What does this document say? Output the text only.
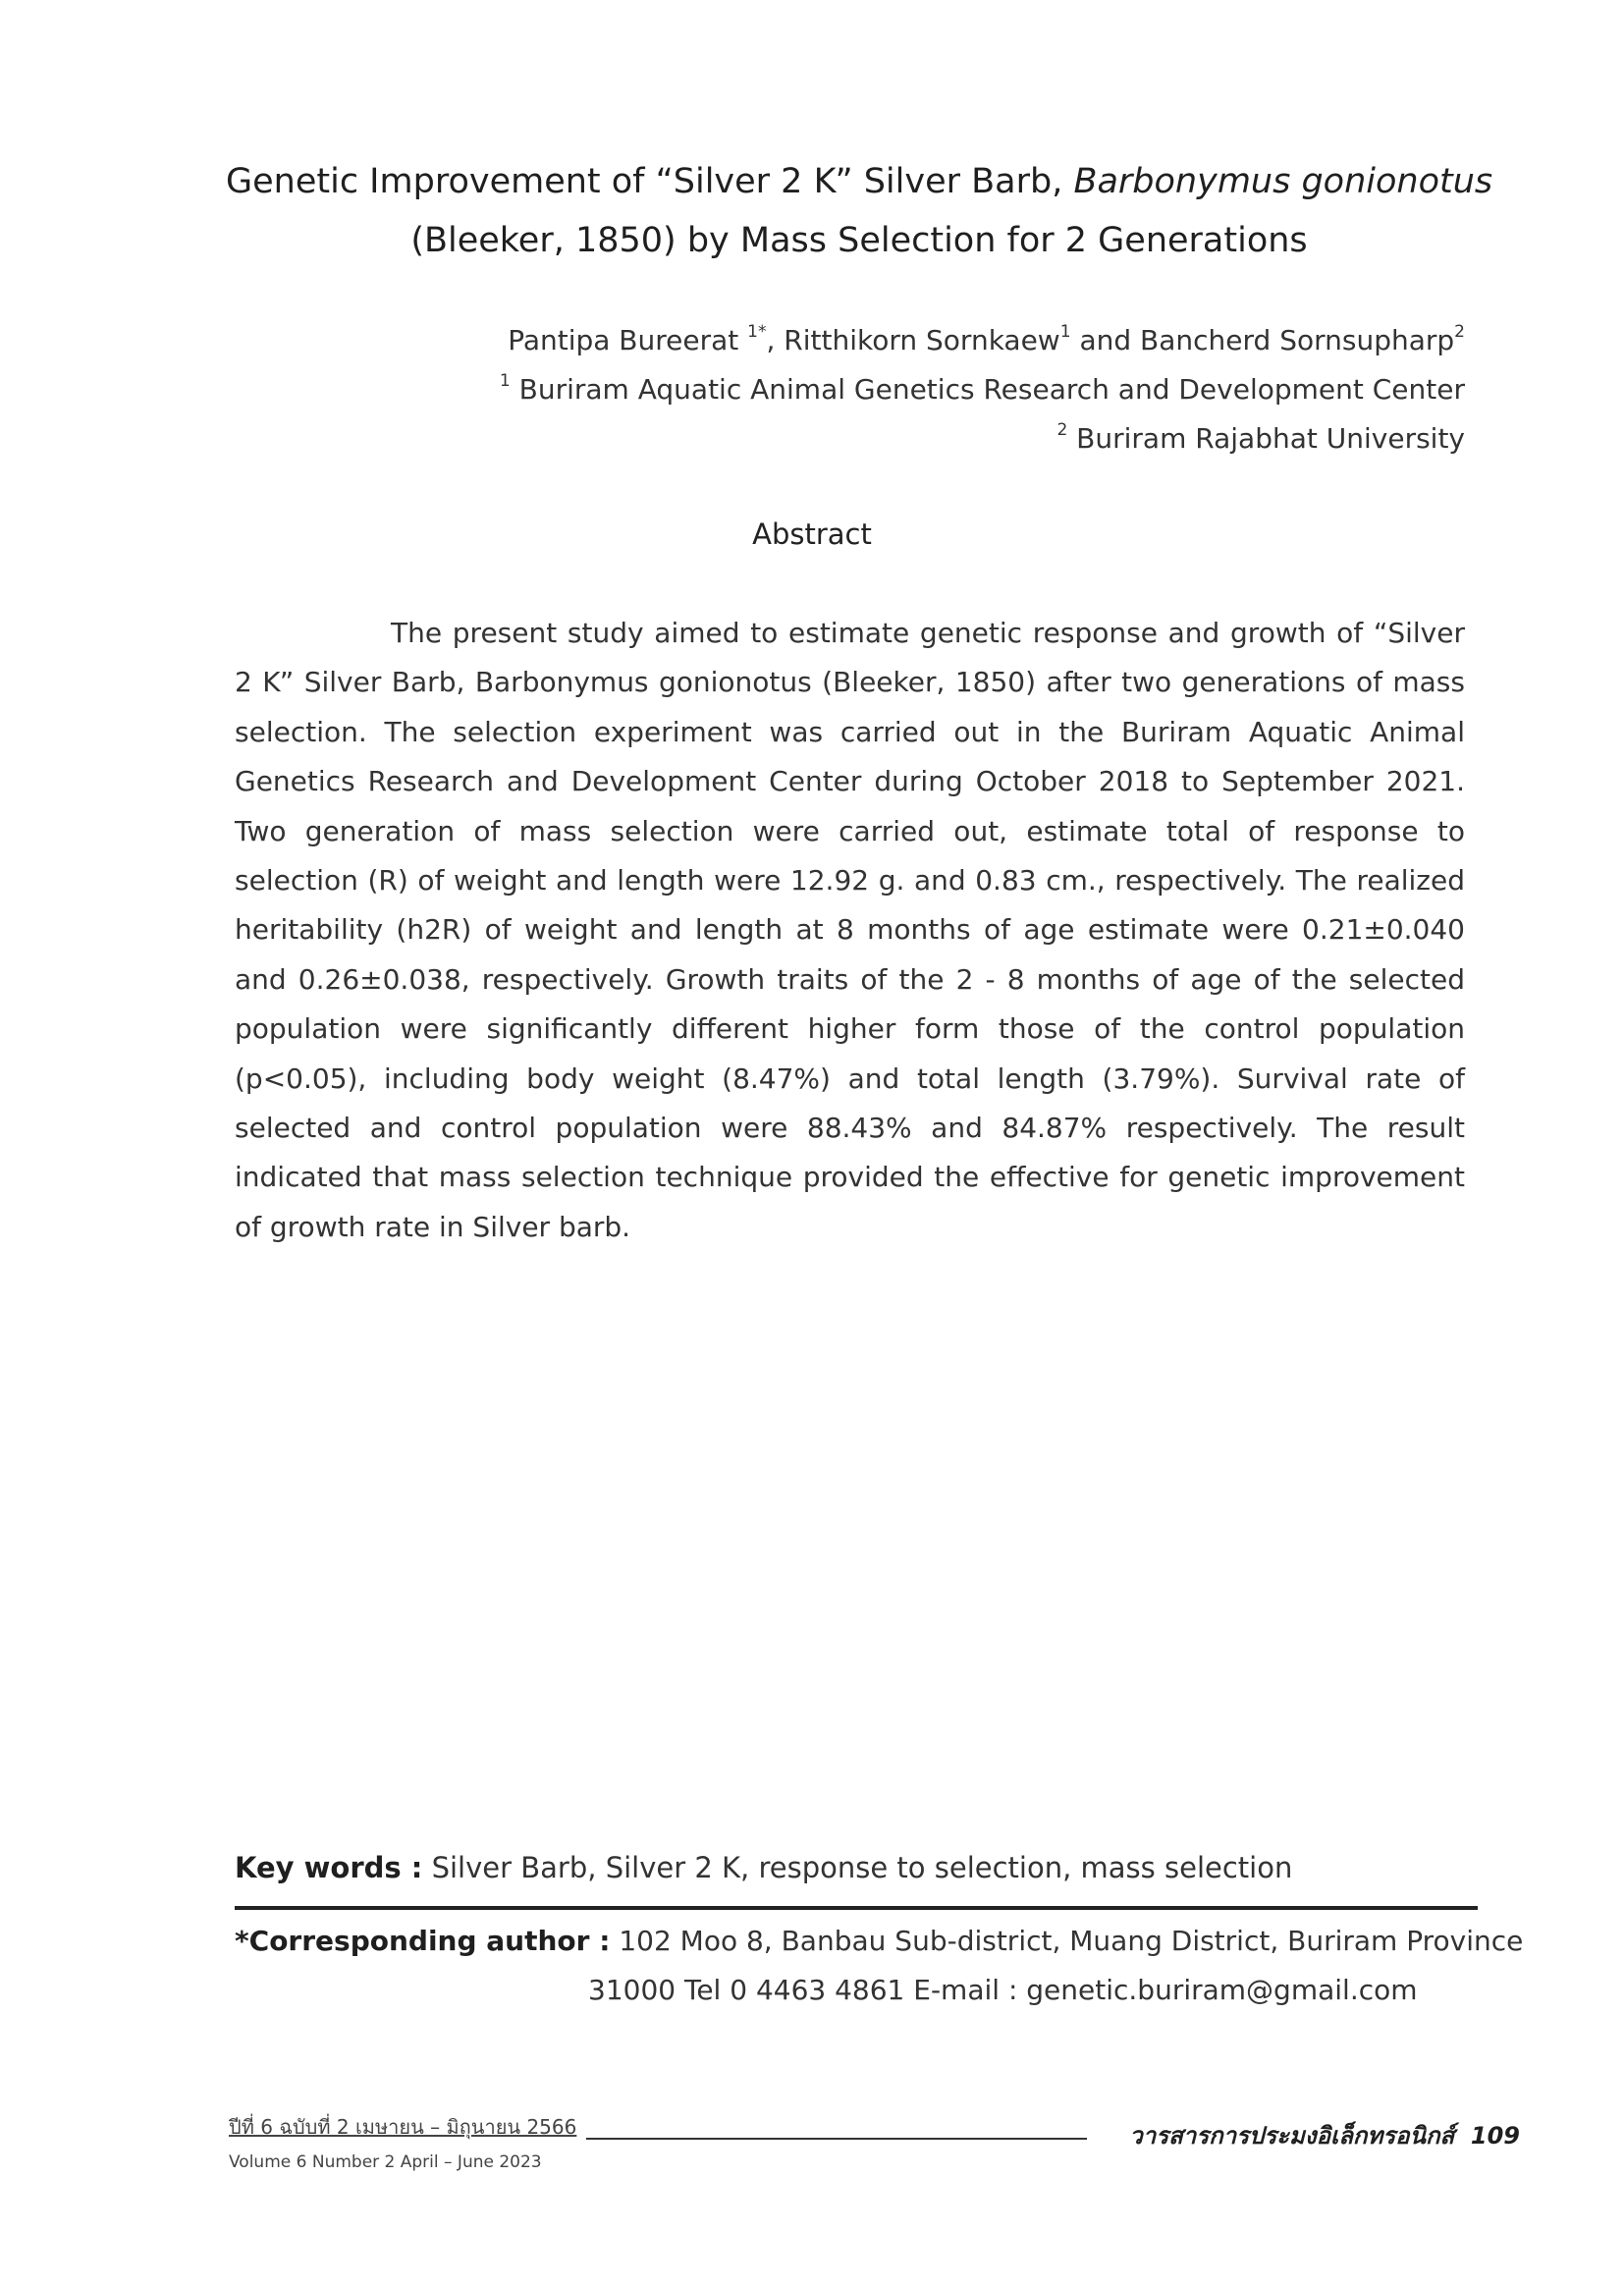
Genetic Improvement of “Silver 2 K” Silver Barb, Barbonymus gonionotus
(Bleeker, 1850) by Mass Selection for 2 Generations
Pantipa Bureerat $^{1*}$, Ritthikorn Sornkaew$^1$ and Bancherd Sornsupharp$^2$
$^1$ Buriram Aquatic Animal Genetics Research and Development Center
$^2$ Buriram Rajabhat University
Abstract

The present study aimed to estimate genetic response and growth of “Silver 2 K” Silver Barb, Barbonymus gonionotus (Bleeker, 1850) after two generations of mass selection. The selection experiment was carried out in the Buriram Aquatic Animal Genetics Research and Development Center during October 2018 to September 2021. Two generation of mass selection were carried out, estimate total of response to selection (R) of weight and length were 12.92 g. and 0.83 cm., respectively. The realized heritability (h2R) of weight and length at 8 months of age estimate were 0.21±0.040 and 0.26±0.038, respectively. Growth traits of the 2 - 8 months of age of the selected population were significantly different higher form those of the control population (p<0.05), including body weight (8.47%) and total length (3.79%). Survival rate of selected and control population were 88.43% and 84.87% respectively. The result indicated that mass selection technique provided the effective for genetic improvement of growth rate in Silver barb.

Key words : Silver Barb, Silver 2 K, response to selection, mass selection
*Corresponding author : 102 Moo 8, Banbau Sub-district, Muang District, Buriram Province
31000 Tel 0 4463 4861 E-mail : genetic.buriram@gmail.com
ปีที่ 6 ฉบับที่ 2 เมษายน – มิถุนายน 2566
Volume 6 Number 2 April – June 2023
วารสารการประมงอิเล็กทรอนิกส์ 109
